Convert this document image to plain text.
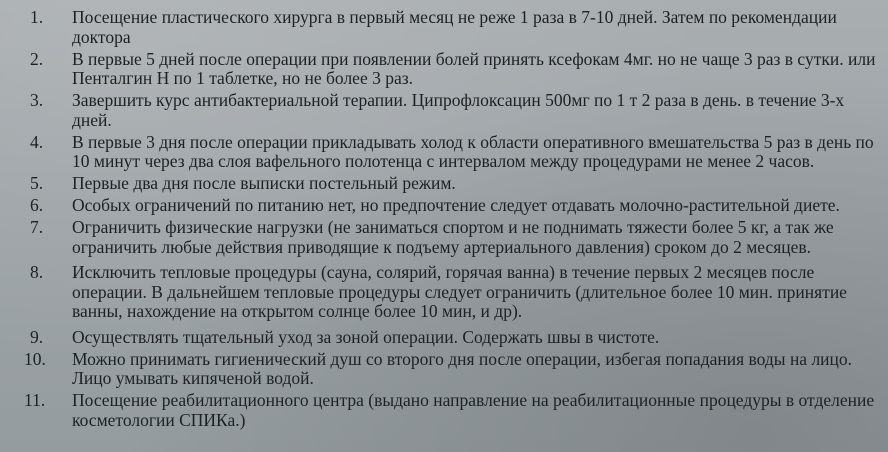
1.	Посещение пластического хирурга в первый месяц не реже 1 раза в 7-10 дней. Затем по рекомендации доктора
2.	В первые 5 дней после операции при появлении болей принять ксефокам 4мг. но не чаще 3 раз в сутки. или Пенталгин Н по 1 таблетке, но не более 3 раз.
3.	Завершить курс антибактериальной терапии. Ципрофлоксацин 500мг по 1 т 2 раза в день. в течение 3-х дней.
4.	В первые 3 дня после операции прикладывать холод к области оперативного вмешательства 5 раз в день по 10 минут через два слоя вафельного полотенца с интервалом между процедурами не менее 2 часов.
5.	Первые два дня после выписки постельный режим.
6.	Особых ограничений по питанию нет, но предпочтение следует отдавать молочно-растительной диете.
7.	Ограничить физические нагрузки (не заниматься спортом и не поднимать тяжести более 5 кг, а так же ограничить любые действия приводящие к подъему артериального давления) сроком до 2 месяцев.
8.	Исключить тепловые процедуры (сауна, солярий, горячая ванна) в течение первых 2 месяцев после операции. В дальнейшем тепловые процедуры следует ограничить (длительное более 10 мин. принятие ванны, нахождение на открытом солнце более 10 мин, и др).
9.	Осуществлять тщательный уход за зоной операции. Содержать швы в чистоте.
10.	Можно принимать гигиенический душ со второго дня после операции, избегая попадания воды на лицо. Лицо умывать кипяченой водой.
11.	Посещение реабилитационного центра (выдано направление на реабилитационные процедуры в отделение косметологии СПИКа.)
